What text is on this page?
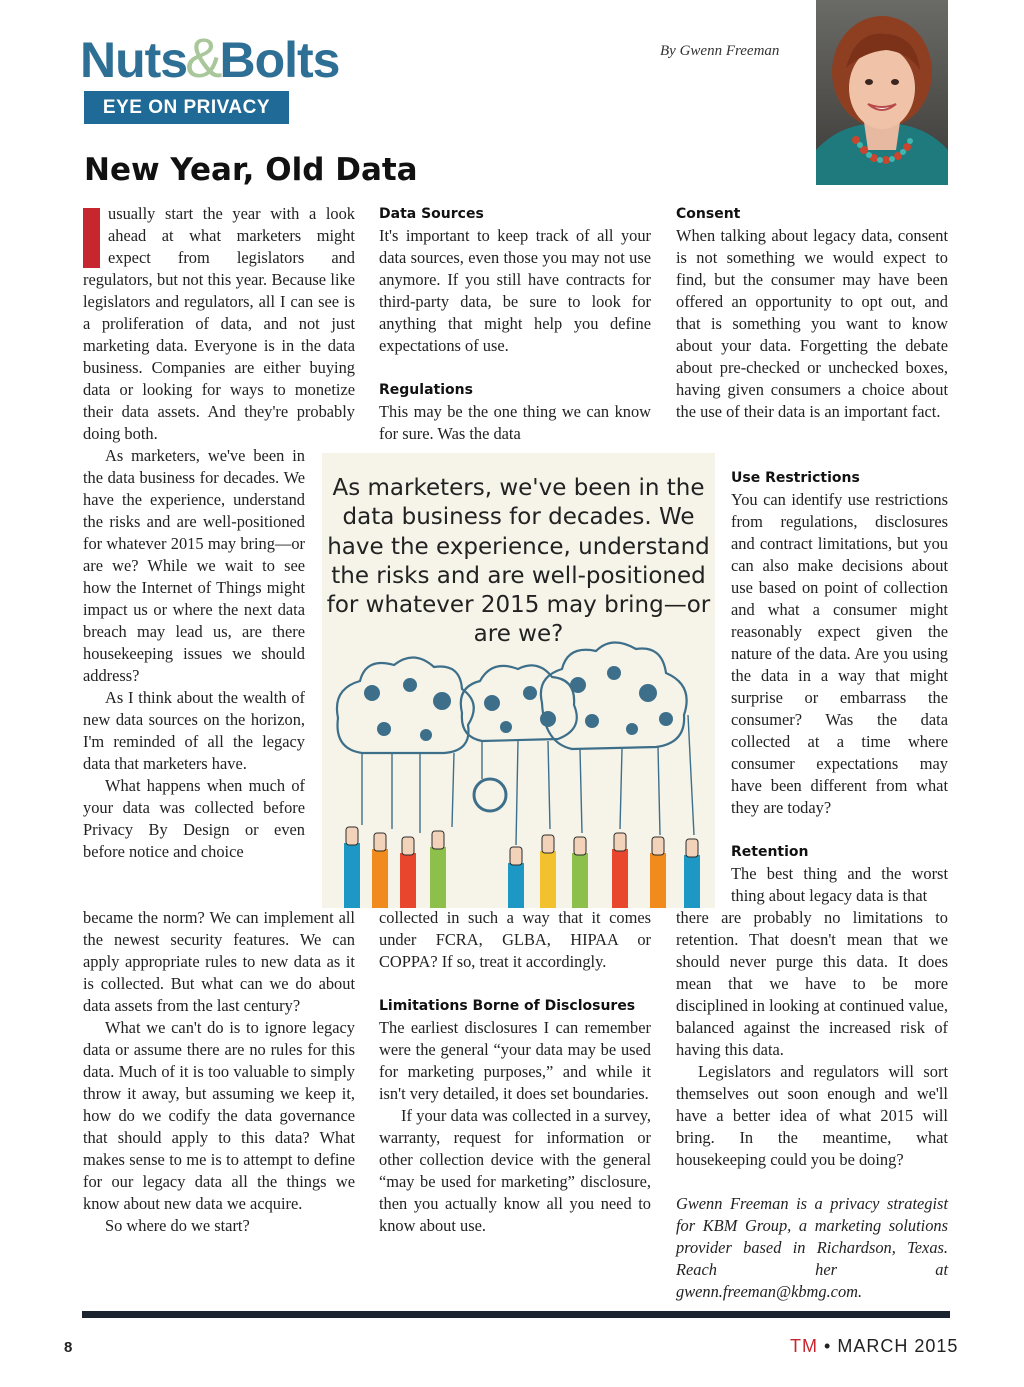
Nuts&Bolts
EYE ON PRIVACY
By Gwenn Freeman
New Year, Old Data

usually start the year with a look ahead at what marketers might expect from legislators and regulators, but not this year. Because like legislators and regulators, all I can see is a proliferation of data, and not just marketing data. Everyone is in the data business. Companies are either buying data or looking for ways to monetize their data assets. And they're probably doing both.

As marketers, we've been in the data business for decades. We have the experience, understand the risks and are well-positioned for whatever 2015 may bring—or are we? While we wait to see how the Internet of Things might impact us or where the next data breach may lead us, are there housekeeping issues we should address?

As I think about the wealth of new data sources on the horizon, I'm reminded of all the legacy data that marketers have.

What happens when much of your data was collected before Privacy By Design or even before notice and choice

became the norm? We can implement all the newest security features. We can apply appropriate rules to new data as it is collected. But what can we do about data assets from the last century?

What we can't do is to ignore legacy data or assume there are no rules for this data. Much of it is too valuable to simply throw it away, but assuming we keep it, how do we codify the data governance that should apply to this data? What makes sense to me is to attempt to define for our legacy data all the things we know about new data we acquire.

So where do we start?

Data Sources

It's important to keep track of all your data sources, even those you may not use anymore. If you still have contracts for third-party data, be sure to look for anything that might help you define expectations of use.

Regulations

This may be the one thing we can know for sure. Was the data

collected in such a way that it comes under FCRA, GLBA, HIPAA or COPPA? If so, treat it accordingly.

Limitations Borne of Disclosures

The earliest disclosures I can remember were the general “your data may be used for marketing purposes,” and while it isn't very detailed, it does set boundaries.

If your data was collected in a survey, warranty, request for information or other collection device with the general “may be used for marketing” disclosure, then you actually know all you need to know about use.

Consent

When talking about legacy data, consent is not something we would expect to find, but the consumer may have been offered an opportunity to opt out, and that is something you want to know about your data. Forgetting the debate about pre-checked or unchecked boxes, having given consumers a choice about the use of their data is an important fact.

Use Restrictions

You can identify use restrictions from regulations, disclosures and contract limitations, but you can also make decisions about use based on point of collection and what a consumer might reasonably expect given the nature of the data. Are you using the data in a way that might surprise or embarrass the consumer? Was the data collected at a time where consumer expectations may have been different from what they are today?

Retention

The best thing and the worst thing about legacy data is that

there are probably no limitations to retention. That doesn't mean that we should never purge this data. It does mean that we have to be more disciplined in looking at continued value, balanced against the increased risk of having this data.

Legislators and regulators will sort themselves out soon enough and we'll have a better idea of what 2015 will bring. In the meantime, what housekeeping could you be doing?

Gwenn Freeman is a privacy strategist for KBM Group, a marketing solutions provider based in Richardson, Texas. Reach her at gwenn.freeman@kbmg.com.

As marketers, we've been in the data business for decades. We have the experience, understand the risks and are well-positioned for whatever 2015 may bring—or are we?
8	TM • MARCH 2015
